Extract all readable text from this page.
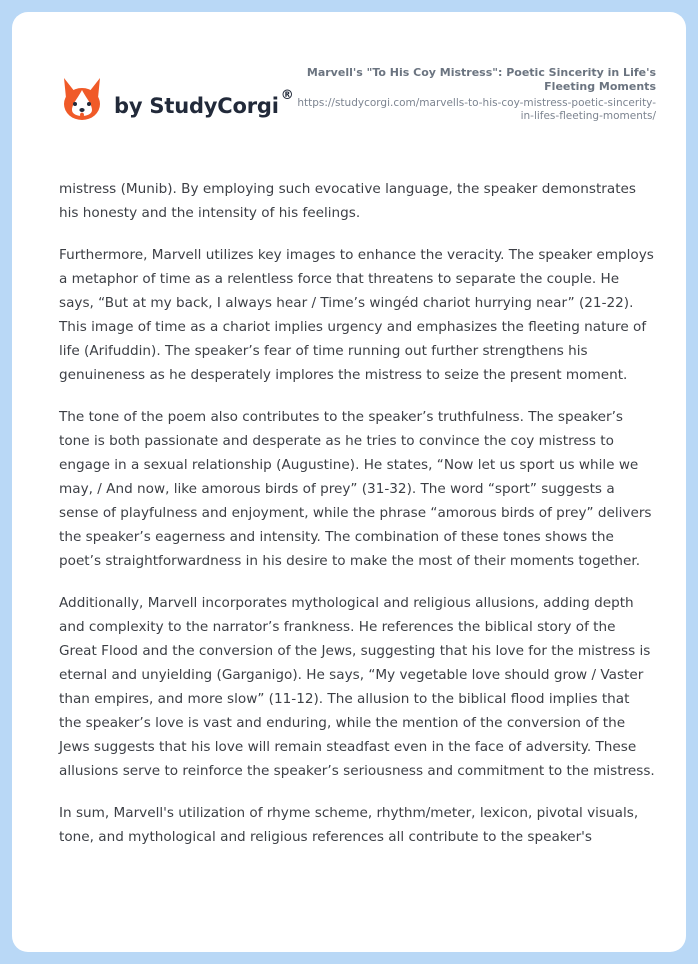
by StudyCorgi ®
Marvell's "To His Coy Mistress": Poetic Sincerity in Life's Fleeting Moments
https://studycorgi.com/marvells-to-his-coy-mistress-poetic-sincerity-in-lifes-fleeting-moments/

mistress (Munib). By employing such evocative language, the speaker demonstrates his honesty and the intensity of his feelings.

Furthermore, Marvell utilizes key images to enhance the veracity. The speaker employs a metaphor of time as a relentless force that threatens to separate the couple. He says, “But at my back, I always hear / Time’s wingéd chariot hurrying near” (21-22). This image of time as a chariot implies urgency and emphasizes the fleeting nature of life (Arifuddin). The speaker’s fear of time running out further strengthens his genuineness as he desperately implores the mistress to seize the present moment.

The tone of the poem also contributes to the speaker’s truthfulness. The speaker’s tone is both passionate and desperate as he tries to convince the coy mistress to engage in a sexual relationship (Augustine). He states, “Now let us sport us while we may, / And now, like amorous birds of prey” (31-32). The word “sport” suggests a sense of playfulness and enjoyment, while the phrase “amorous birds of prey” delivers the speaker’s eagerness and intensity. The combination of these tones shows the poet’s straightforwardness in his desire to make the most of their moments together.

Additionally, Marvell incorporates mythological and religious allusions, adding depth and complexity to the narrator’s frankness. He references the biblical story of the Great Flood and the conversion of the Jews, suggesting that his love for the mistress is eternal and unyielding (Garganigo). He says, “My vegetable love should grow / Vaster than empires, and more slow” (11-12). The allusion to the biblical flood implies that the speaker’s love is vast and enduring, while the mention of the conversion of the Jews suggests that his love will remain steadfast even in the face of adversity. These allusions serve to reinforce the speaker’s seriousness and commitment to the mistress.

In sum, Marvell's utilization of rhyme scheme, rhythm/meter, lexicon, pivotal visuals, tone, and mythological and religious references all contribute to the speaker's
